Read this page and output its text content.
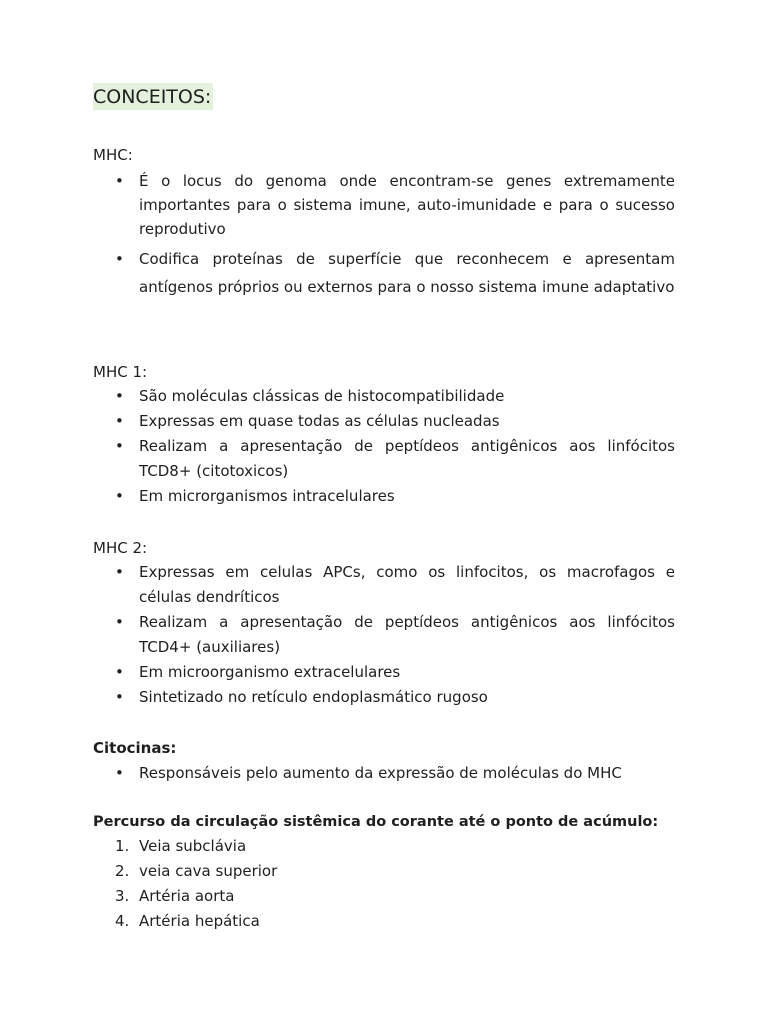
CONCEITOS:
MHC:
• É o locus do genoma onde encontram-se genes extremamente importantes para o sistema imune, auto-imunidade e para o sucesso reprodutivo
• Codifica proteínas de superfície que reconhecem e apresentam antígenos próprios ou externos para o nosso sistema imune adaptativo
MHC 1:
• São moléculas clássicas de histocompatibilidade
• Expressas em quase todas as células nucleadas
• Realizam a apresentação de peptídeos antigênicos aos linfócitos TCD8+ (citotoxicos)
• Em microrganismos intracelulares
MHC 2:
• Expressas em celulas APCs, como os linfocitos, os macrofagos e células dendríticos
• Realizam a apresentação de peptídeos antigênicos aos linfócitos TCD4+ (auxiliares)
• Em microorganismo extracelulares
• Sintetizado no retículo endoplasmático rugoso
Citocinas:
• Responsáveis pelo aumento da expressão de moléculas do MHC
Percurso da circulação sistêmica do corante até o ponto de acúmulo:
1. Veia subclávia
2. veia cava superior
3. Artéria aorta
4. Artéria hepática
